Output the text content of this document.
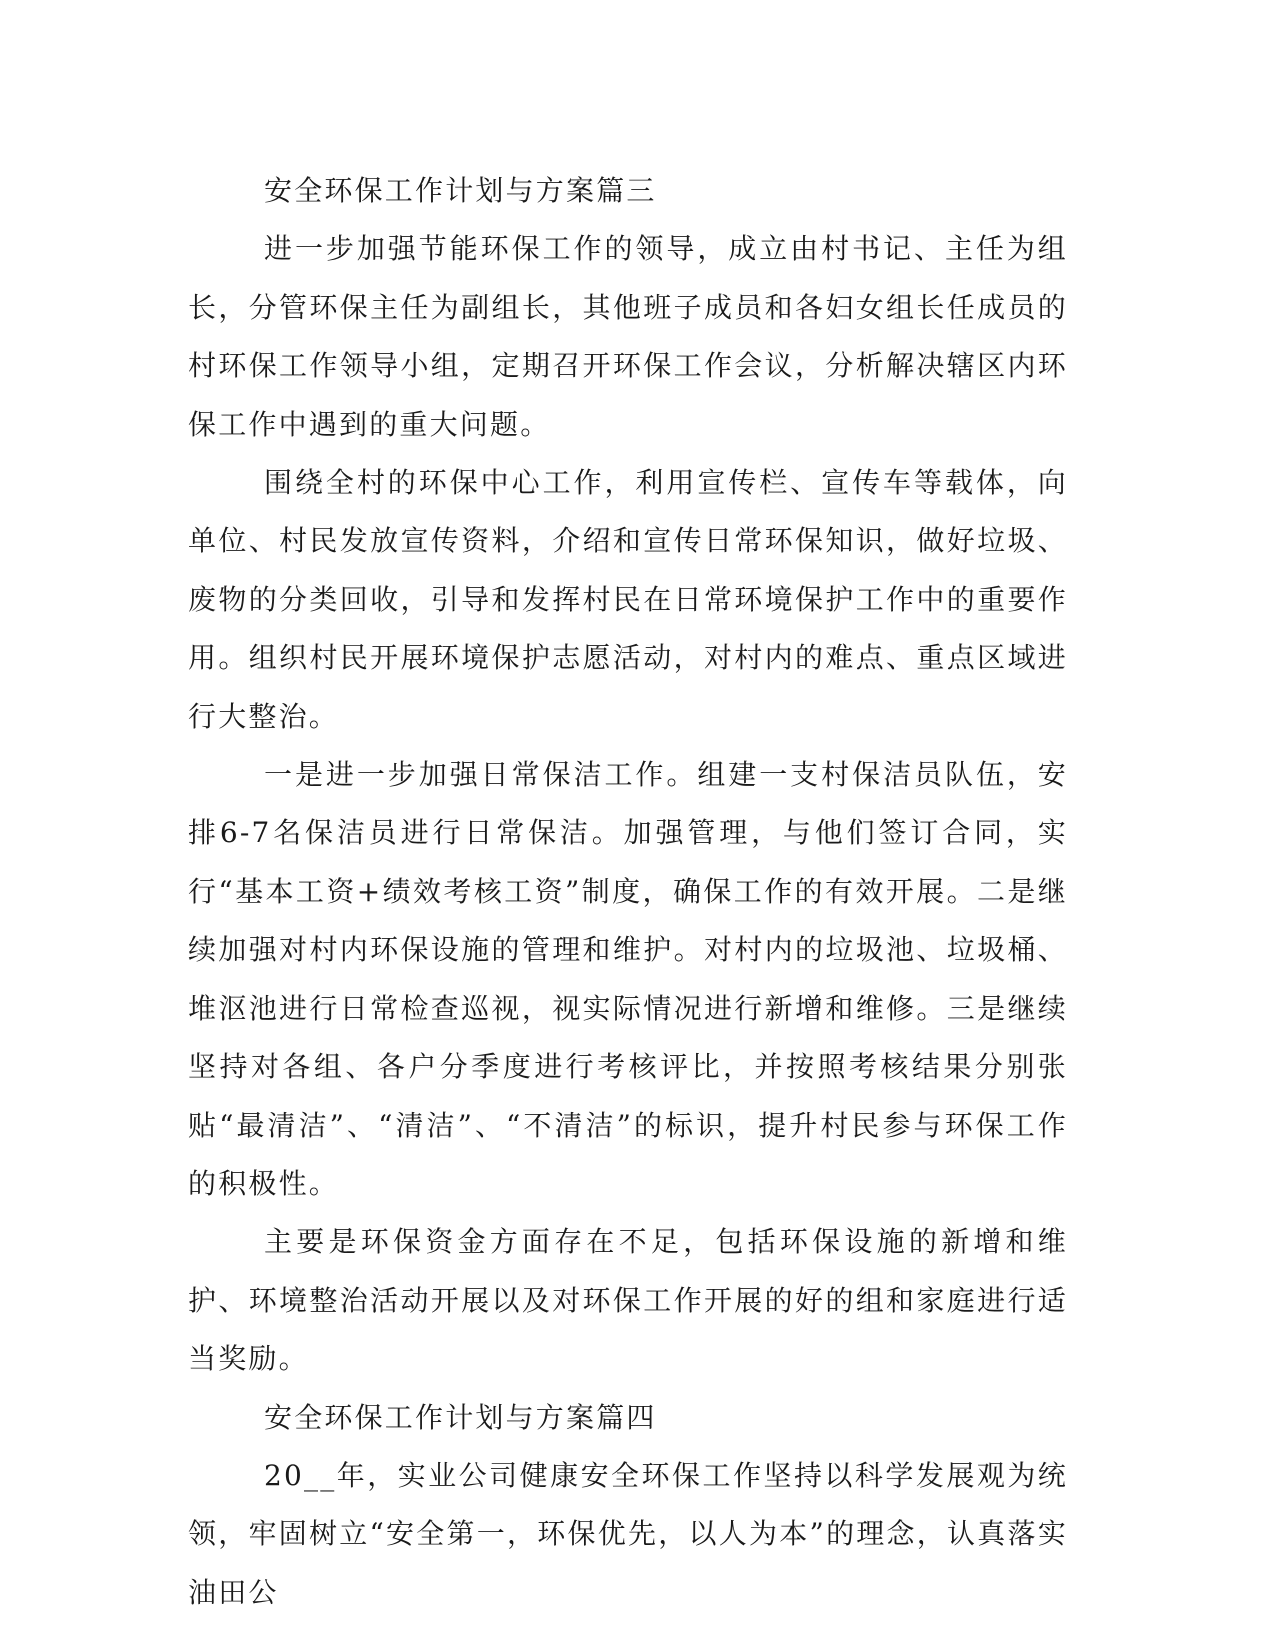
安全环保工作计划与方案篇三

进一步加强节能环保工作的领导，成立由村书记、主任为组长，分管环保主任为副组长，其他班子成员和各妇女组长任成员的村环保工作领导小组，定期召开环保工作会议，分析解决辖区内环保工作中遇到的重大问题。

围绕全村的环保中心工作，利用宣传栏、宣传车等载体，向单位、村民发放宣传资料，介绍和宣传日常环保知识，做好垃圾、废物的分类回收，引导和发挥村民在日常环境保护工作中的重要作用。组织村民开展环境保护志愿活动，对村内的难点、重点区域进行大整治。

一是进一步加强日常保洁工作。组建一支村保洁员队伍，安排6-7名保洁员进行日常保洁。加强管理，与他们签订合同，实行“基本工资+绩效考核工资”制度，确保工作的有效开展。二是继续加强对村内环保设施的管理和维护。对村内的垃圾池、垃圾桶、堆沤池进行日常检查巡视，视实际情况进行新增和维修。三是继续坚持对各组、各户分季度进行考核评比，并按照考核结果分别张贴“最清洁”、“清洁”、“不清洁”的标识，提升村民参与环保工作的积极性。

主要是环保资金方面存在不足，包括环保设施的新增和维护、环境整治活动开展以及对环保工作开展的好的组和家庭进行适当奖励。

安全环保工作计划与方案篇四

20__年，实业公司健康安全环保工作坚持以科学发展观为统领，牢固树立“安全第一，环保优先，以人为本”的理念，认真落实油田公
